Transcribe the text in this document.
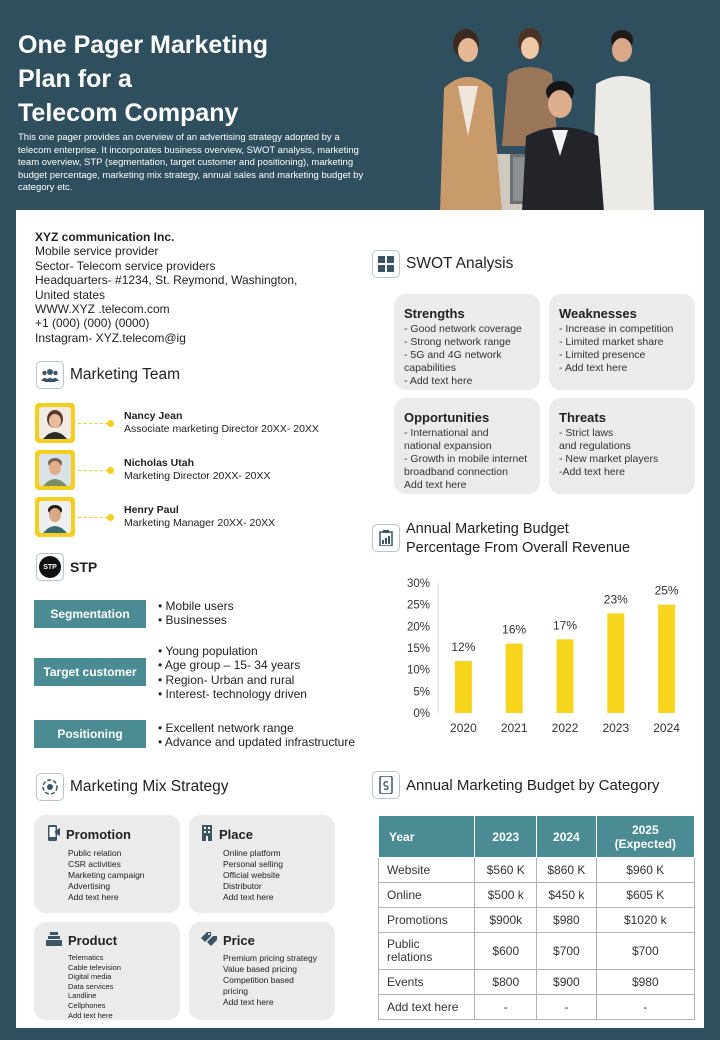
One Pager Marketing
Plan for a
Telecom Company
This one pager provides an overview of an advertising strategy adopted by a telecom enterprise. It incorporates business overview, SWOT analysis, marketing team overview, STP (segmentation, target customer and positioning), marketing budget percentage, marketing mix strategy, annual sales and marketing budget by category etc.
XYZ communication Inc.
Mobile service provider
Sector- Telecom service providers
Headquarters- #1234, St. Reymond, Washington,
United states
WWW.XYZ .telecom.com
+1 (000) (000) (0000)
Instagram- XYZ.telecom@ig
Marketing Team
Nancy Jean
Associate marketing Director 20XX- 20XX
Nicholas Utah
Marketing Director 20XX- 20XX
Henry Paul
Marketing Manager 20XX- 20XX
STP STP
Segmentation
• Mobile users
• Businesses
Target customer
• Young population
• Age group – 15- 34 years
• Region- Urban and rural
• Interest- technology driven
Positioning	• Excellent network range
• Advance and updated infrastructure
SWOT Analysis
Strengths
- Good network coverage
- Strong network range
- 5G and 4G network
capabilities
- Add text here
Weaknesses
- Increase in competition
- Limited market share
- Limited presence
- Add text here
Opportunities
- International and
national expansion
- Growth in mobile internet
broadband connection
Add text here
Threats
- Strict laws
and regulations
- New market players
-Add text here
Annual Marketing Budget
Percentage From Overall Revenue
0%
5%
10%
15%
20%
25%
30%
12%
2020
16%
2021
17%
2022
23%
2023
25%
2024
Marketing Mix Strategy
Promotion
Public relation
CSR activities
Marketing campaign
Advertising
Add text here
Place
Online platform
Personal selling
Official website
Distributor
Add text here
Product
Telematics
Cable television
Digital media
Data services
Landline
Cellphones
Add text here
Price
Premium pricing strategy
Value based pricing
Competition based
pricing
Add text here
Annual Marketing Budget by Category
Year	2023	2024	2025 (Expected)
Website	$560 K	$860 K	$960 K
Online	$500 k	$450 k	$605 K
Promotions	$900k	$980	$1020 k
Public relations	$600	$700	$700
Events	$800	$900	$980
Add text here	-	-	-
